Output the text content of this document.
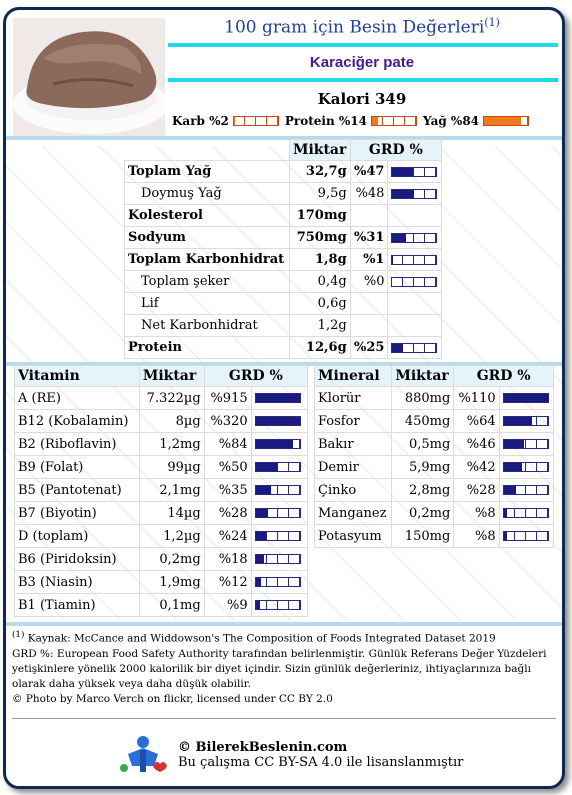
100 gram için Besin Değerleri$^{(1)}$
Karaciğer pate
Kalori 349
Karb %2	Protein %14	Yağ %84
	Miktar	GRD %	
Toplam Yağ	32,7g	%47	

Doymuş Yağ	9,5g	%48	

Kolesterol	170mg		
Sodyum	750mg	%31	

Toplam Karbonhidrat	1,8g	%1	

Toplam şeker	0,4g	%0	

Lif	0,6g		
Net Karbonhidrat	1,2g		
Protein	12,6g	%25	
Vitamin	Miktar	GRD %	
A (RE)	7.322µg	%915	

B12 (Kobalamin)	8µg	%320	

B2 (Riboflavin)	1,2mg	%84	

B9 (Folat)	99µg	%50	

B5 (Pantotenat)	2,1mg	%35	

B7 (Biyotin)	14µg	%28	

D (toplam)	1,2µg	%24	

B6 (Piridoksin)	0,2mg	%18	

B3 (Niasin)	1,9mg	%12	

B1 (Tiamin)	0,1mg	%9	
Mineral	Miktar	GRD %	
Klorür	880mg	%110	

Fosfor	450mg	%64	

Bakır	0,5mg	%46	

Demir	5,9mg	%42	

Çinko	2,8mg	%28	

Manganez	0,2mg	%8	

Potasyum	150mg	%8	
$^{(1)}$ Kaynak: McCance and Widdowson's The Composition of Foods Integrated Dataset 2019
GRD %: European Food Safety Authority tarafından belirlenmiştir. Günlük Referans Değer Yüzdeleri yetişkinlere yönelik 2000 kalorilik bir diyet içindir. Sizin günlük değerleriniz, ihtiyaçlarınıza bağlı olarak daha yüksek veya daha düşük olabilir.
© Photo by Marco Verch on flickr, licensed under CC BY 2.0
© BilerekBeslenin.com
Bu çalışma CC BY-SA 4.0 ile lisanslanmıştır
